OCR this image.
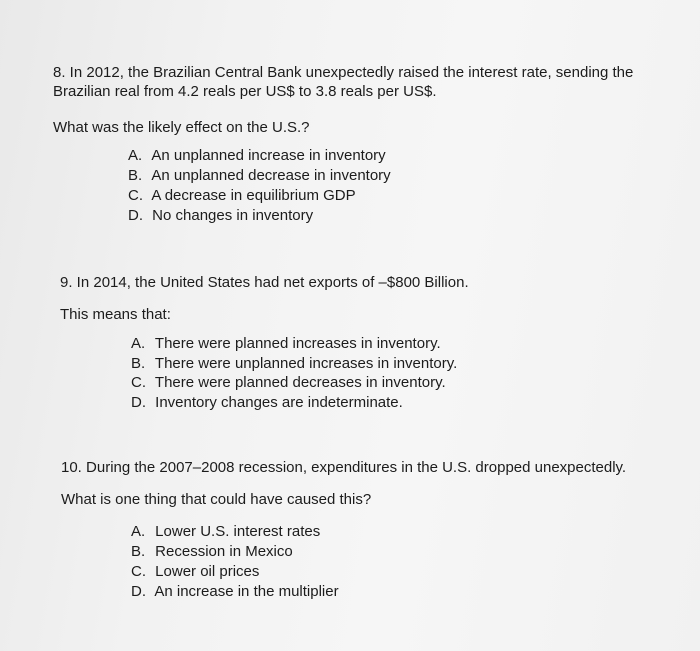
8. In 2012, the Brazilian Central Bank unexpectedly raised the interest rate, sending the Brazilian real from 4.2 reals per US$ to 3.8 reals per US$.

What was the likely effect on the U.S.?

A. An unplanned increase in inventory
B. An unplanned decrease in inventory
C. A decrease in equilibrium GDP
D. No changes in inventory

9. In 2014, the United States had net exports of –$800 Billion.

This means that:

A. There were planned increases in inventory.
B. There were unplanned increases in inventory.
C. There were planned decreases in inventory.
D. Inventory changes are indeterminate.

10. During the 2007–2008 recession, expenditures in the U.S. dropped unexpectedly.

What is one thing that could have caused this?

A. Lower U.S. interest rates
B. Recession in Mexico
C. Lower oil prices
D. An increase in the multiplier
